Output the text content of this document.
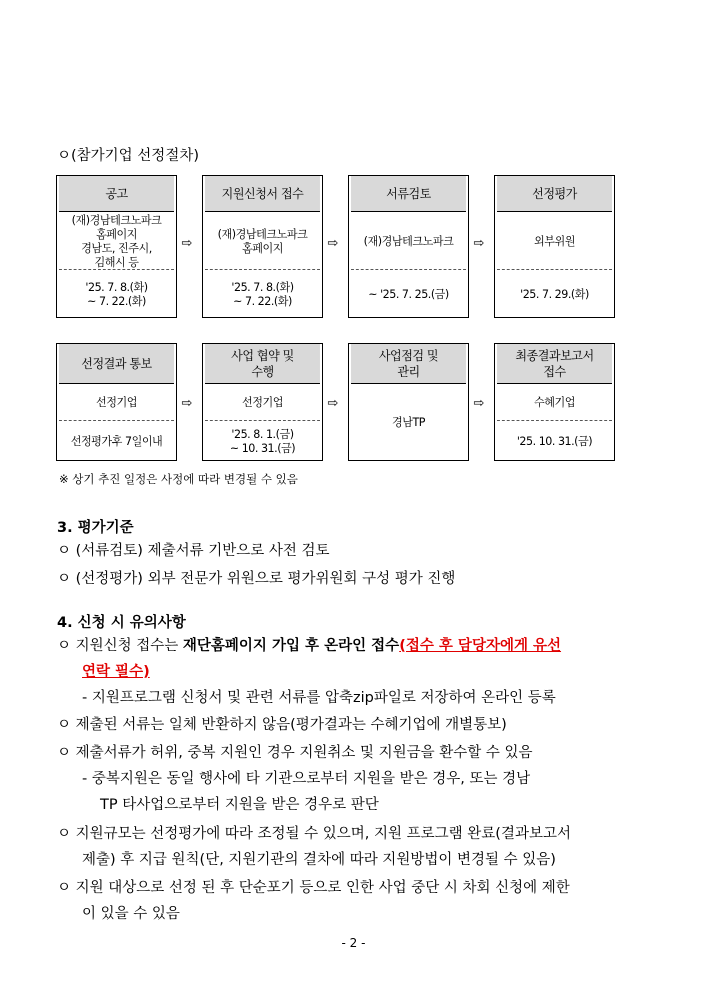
ㅇ(참가기업 선정절차)
공고
(재)경남테크노파크
홈페이지
경남도, 진주시,
김해시 등
'25. 7. 8.(화)
~ 7. 22.(화)
⇨
지원신청서 접수
(재)경남테크노파크
홈페이지
'25. 7. 8.(화)
~ 7. 22.(화)
⇨
서류검토
(재)경남테크노파크
~ '25. 7. 25.(금)
⇨
선정평가
외부위원
'25. 7. 29.(화)
선정결과 통보
선정기업
선정평가후 7일이내
⇨
사업 협약 및
수행
선정기업
'25. 8. 1.(금)
~ 10. 31.(금)
⇨
사업점검 및
관리
경남TP
⇨
최종결과보고서
접수
수혜기업
'25. 10. 31.(금)
※ 상기 추진 일정은 사정에 따라 변경될 수 있음
3. 평가기준
ㅇ (서류검토) 제출서류 기반으로 사전 검토
ㅇ (선정평가) 외부 전문가 위원으로 평가위원회 구성 평가 진행
4. 신청 시 유의사항
ㅇ 지원신청 접수는 재단홈페이지 가입 후 온라인 접수(접수 후 담당자에게 유선
연락 필수)
- 지원프로그램 신청서 및 관련 서류를 압축zip파일로 저장하여 온라인 등록
ㅇ 제출된 서류는 일체 반환하지 않음(평가결과는 수혜기업에 개별통보)
ㅇ 제출서류가 허위, 중복 지원인 경우 지원취소 및 지원금을 환수할 수 있음
- 중복지원은 동일 행사에 타 기관으로부터 지원을 받은 경우, 또는 경남
TP 타사업으로부터 지원을 받은 경우로 판단
ㅇ 지원규모는 선정평가에 따라 조정될 수 있으며, 지원 프로그램 완료(결과보고서
제출) 후 지급 원칙(단, 지원기관의 결차에 따라 지원방법이 변경될 수 있음)
ㅇ 지원 대상으로 선정 된 후 단순포기 등으로 인한 사업 중단 시 차회 신청에 제한
이 있을 수 있음
- 2 -
